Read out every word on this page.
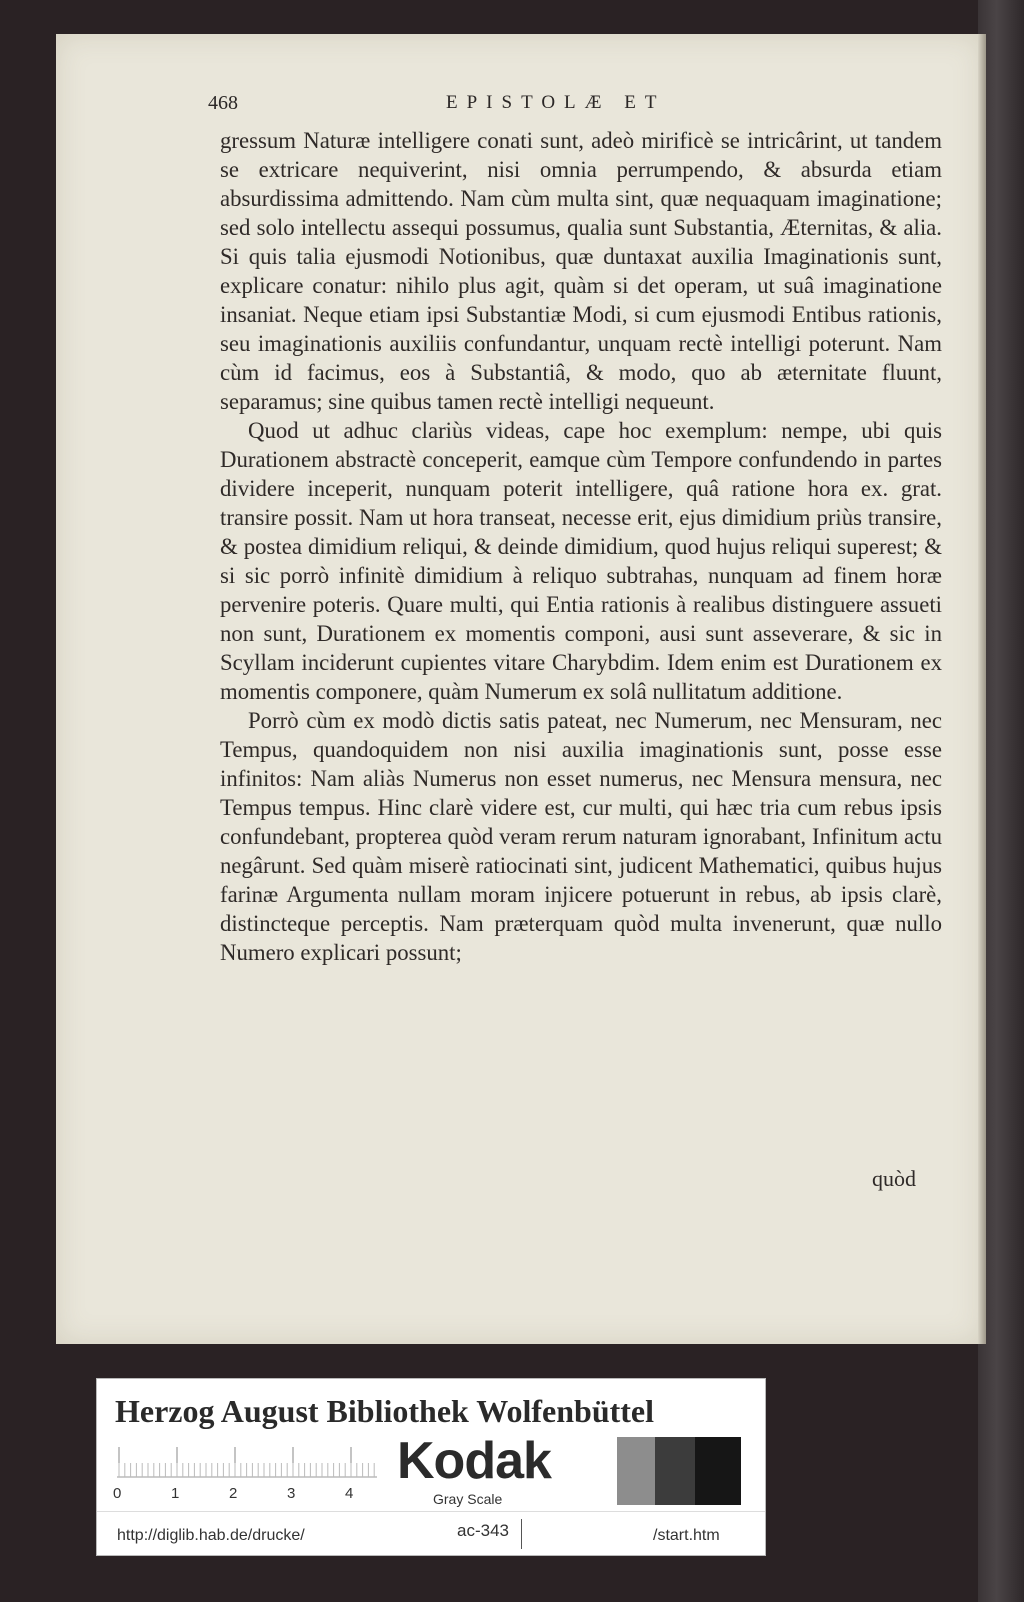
468	EPISTOLÆ ET

gressum Naturæ intelligere conati sunt, adeò mirificè se intricârint, ut tandem se extricare nequiverint, nisi omnia perrumpendo, & absurda etiam absurdissima admittendo. Nam cùm multa sint, quæ nequaquam imaginatione; sed solo intellectu assequi possumus, qualia sunt Substantia, Æternitas, & alia. Si quis talia ejusmodi Notionibus, quæ duntaxat auxilia Imaginationis sunt, explicare conatur: nihilo plus agit, quàm si det operam, ut suâ imaginatione insaniat. Neque etiam ipsi Substantiæ Modi, si cum ejusmodi Entibus rationis, seu imaginationis auxiliis confundantur, unquam rectè intelligi poterunt. Nam cùm id facimus, eos à Substantiâ, & modo, quo ab æternitate fluunt, separamus; sine quibus tamen rectè intelligi nequeunt.

Quod ut adhuc clariùs videas, cape hoc exemplum: nempe, ubi quis Durationem abstractè conceperit, eamque cùm Tempore confundendo in partes dividere inceperit, nunquam poterit intelligere, quâ ratione hora ex. grat. transire possit. Nam ut hora transeat, necesse erit, ejus dimidium priùs transire, & postea dimidium reliqui, & deinde dimidium, quod hujus reliqui superest; & si sic porrò infinitè dimidium à reliquo subtrahas, nunquam ad finem horæ pervenire poteris. Quare multi, qui Entia rationis à realibus distinguere assueti non sunt, Durationem ex momentis componi, ausi sunt asseverare, & sic in Scyllam inciderunt cupientes vitare Charybdim. Idem enim est Durationem ex momentis componere, quàm Numerum ex solâ nullitatum additione.

Porrò cùm ex modò dictis satis pateat, nec Numerum, nec Mensuram, nec Tempus, quandoquidem non nisi auxilia imaginationis sunt, posse esse infinitos: Nam aliàs Numerus non esset numerus, nec Mensura mensura, nec Tempus tempus. Hinc clarè videre est, cur multi, qui hæc tria cum rebus ipsis confundebant, propterea quòd veram rerum naturam ignorabant, Infinitum actu negârunt. Sed quàm miserè ratiocinati sint, judicent Mathematici, quibus hujus farinæ Argumenta nullam moram injicere potuerunt in rebus, ab ipsis clarè, distincteque perceptis. Nam præterquam quòd multa invenerunt, quæ nullo Numero explicari possunt;

quòd
Herzog August Bibliothek Wolfenbüttel
0	1	2	3	4
Kodak
Gray Scale
http://diglib.hab.de/drucke/	ac-343	/start.htm
